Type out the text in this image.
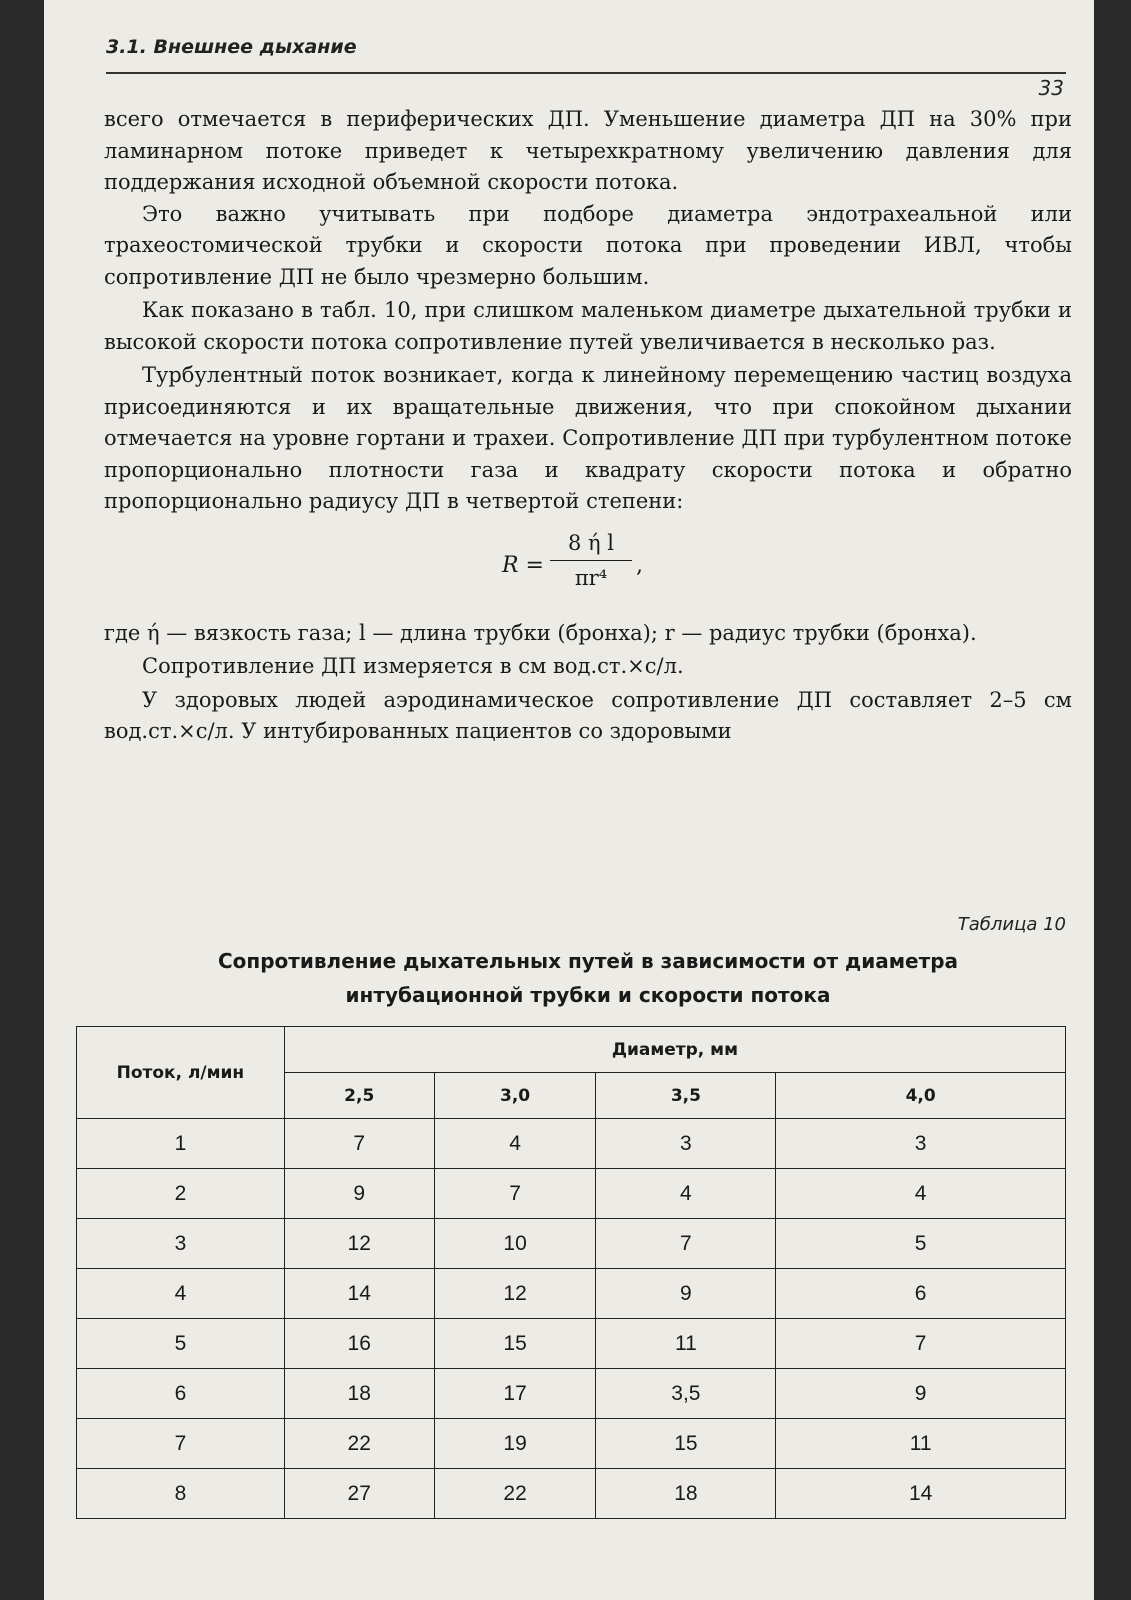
3.1. Внешнее дыхание
33

всего отмечается в периферических ДП. Уменьшение диаметра ДП на 30% при ламинарном потоке приведет к четырехкратному увеличению давления для поддержания исходной объемной скорости потока.

Это важно учитывать при подборе диаметра эндотрахеальной или трахеостомической трубки и скорости потока при проведении ИВЛ, чтобы сопротивление ДП не было чрезмерно большим.

Как показано в табл. 10, при слишком маленьком диаметре дыхательной трубки и высокой скорости потока сопротивление путей увеличивается в несколько раз.

Турбулентный поток возникает, когда к линейному перемещению частиц воздуха присоединяются и их вращательные движения, что при спокойном дыхании отмечается на уровне гортани и трахеи. Сопротивление ДП при турбулентном потоке пропорционально плотности газа и квадрату скорости потока и обратно пропорционально радиусу ДП в четвертой степени:

R =
8 ή l
πr⁴	,

где ή — вязкость газа; l — длина трубки (бронха); r — радиус трубки (бронха).

Сопротивление ДП измеряется в см вод.ст.×с/л.

У здоровых людей аэродинамическое сопротивление ДП составляет 2–5 см вод.ст.×с/л. У интубированных пациентов со здоровыми

Таблица 10
Сопротивление дыхательных путей в зависимости от диаметра
интубационной трубки и скорости потока
Поток, л/мин	Диаметр, мм			
	2,5	3,0	3,5	4,0
1	7	4	3	3
2	9	7	4	4
3	12	10	7	5
4	14	12	9	6
5	16	15	11	7
6	18	17	3,5	9
7	22	19	15	11
8	27	22	18	14
